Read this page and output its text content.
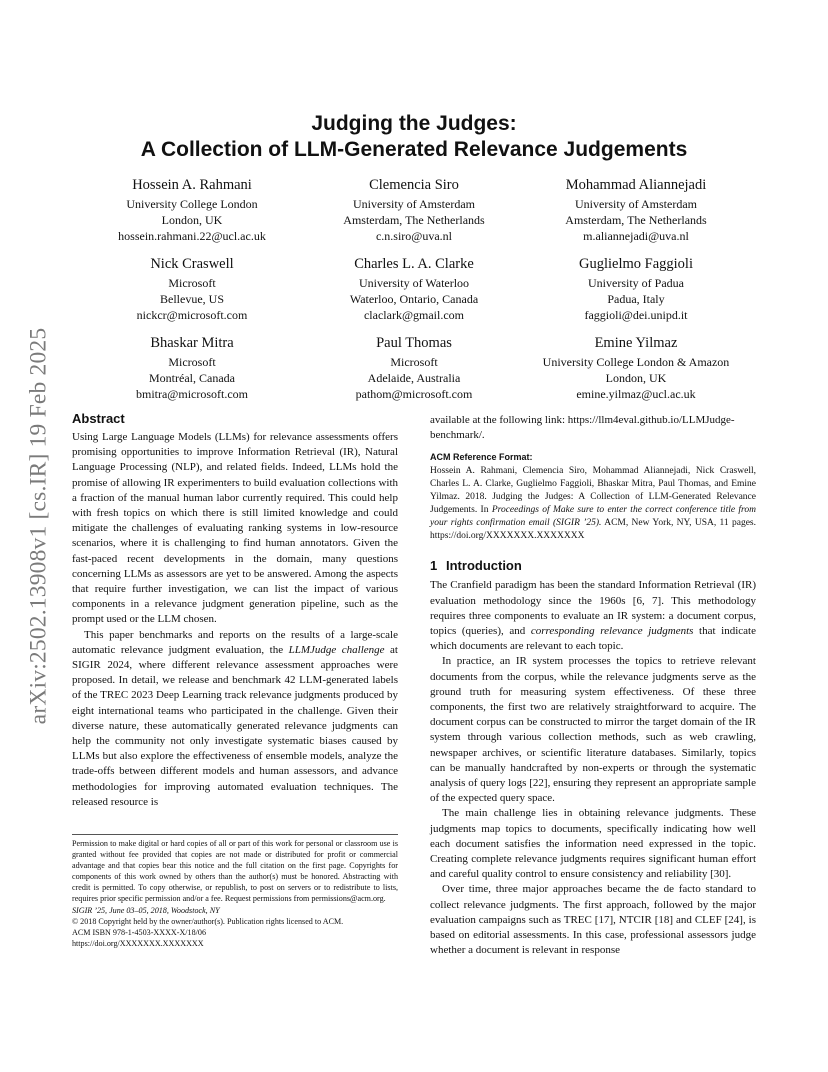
arXiv:2502.13908v1 [cs.IR] 19 Feb 2025
Judging the Judges:
A Collection of LLM-Generated Relevance Judgements
Hossein A. Rahmani
University College London
London, UK
hossein.rahmani.22@ucl.ac.uk
Clemencia Siro
University of Amsterdam
Amsterdam, The Netherlands
c.n.siro@uva.nl
Mohammad Aliannejadi
University of Amsterdam
Amsterdam, The Netherlands
m.aliannejadi@uva.nl
Nick Craswell
Microsoft
Bellevue, US
nickcr@microsoft.com
Charles L. A. Clarke
University of Waterloo
Waterloo, Ontario, Canada
claclark@gmail.com
Guglielmo Faggioli
University of Padua
Padua, Italy
faggioli@dei.unipd.it
Bhaskar Mitra
Microsoft
Montréal, Canada
bmitra@microsoft.com
Paul Thomas
Microsoft
Adelaide, Australia
pathom@microsoft.com
Emine Yilmaz
University College London & Amazon
London, UK
emine.yilmaz@ucl.ac.uk
Abstract

Using Large Language Models (LLMs) for relevance assessments offers promising opportunities to improve Information Retrieval (IR), Natural Language Processing (NLP), and related fields. Indeed, LLMs hold the promise of allowing IR experimenters to build evaluation collections with a fraction of the manual human labor currently required. This could help with fresh topics on which there is still limited knowledge and could mitigate the challenges of evaluating ranking systems in low-resource scenarios, where it is challenging to find human annotators. Given the fast-paced recent developments in the domain, many questions concerning LLMs as assessors are yet to be answered. Among the aspects that require further investigation, we can list the impact of various components in a relevance judgment generation pipeline, such as the prompt used or the LLM chosen.

This paper benchmarks and reports on the results of a large-scale automatic relevance judgment evaluation, the LLMJudge challenge at SIGIR 2024, where different relevance assessment approaches were proposed. In detail, we release and benchmark 42 LLM-generated labels of the TREC 2023 Deep Learning track relevance judgments produced by eight international teams who participated in the challenge. Given their diverse nature, these automatically generated relevance judgments can help the community not only investigate systematic biases caused by LLMs but also explore the effectiveness of ensemble models, analyze the trade-offs between different models and human assessors, and advance methodologies for improving automated evaluation techniques. The released resource is

Permission to make digital or hard copies of all or part of this work for personal or classroom use is granted without fee provided that copies are not made or distributed for profit or commercial advantage and that copies bear this notice and the full citation on the first page. Copyrights for components of this work owned by others than the author(s) must be honored. Abstracting with credit is permitted. To copy otherwise, or republish, to post on servers or to redistribute to lists, requires prior specific permission and/or a fee. Request permissions from permissions@acm.org.

SIGIR ’25, June 03–05, 2018, Woodstock, NY

© 2018 Copyright held by the owner/author(s). Publication rights licensed to ACM.

ACM ISBN 978-1-4503-XXXX-X/18/06

https://doi.org/XXXXXXX.XXXXXXX

available at the following link: https://llm4eval.github.io/LLMJudge-benchmark/.

ACM Reference Format:
Hossein A. Rahmani, Clemencia Siro, Mohammad Aliannejadi, Nick Craswell, Charles L. A. Clarke, Guglielmo Faggioli, Bhaskar Mitra, Paul Thomas, and Emine Yilmaz. 2018. Judging the Judges: A Collection of LLM-Generated Relevance Judgements. In Proceedings of Make sure to enter the correct conference title from your rights confirmation email (SIGIR ’25). ACM, New York, NY, USA, 11 pages. https://doi.org/XXXXXXX.XXXXXXX
1 Introduction

The Cranfield paradigm has been the standard Information Retrieval (IR) evaluation methodology since the 1960s [6, 7]. This methodology requires three components to evaluate an IR system: a document corpus, topics (queries), and corresponding relevance judgments that indicate which documents are relevant to each topic.

In practice, an IR system processes the topics to retrieve relevant documents from the corpus, while the relevance judgments serve as the ground truth for measuring system effectiveness. Of these three components, the first two are relatively straightforward to acquire. The document corpus can be constructed to mirror the target domain of the IR system through various collection methods, such as web crawling, newspaper archives, or scientific literature databases. Similarly, topics can be manually handcrafted by non-experts or through the systematic analysis of query logs [22], ensuring they represent an appropriate sample of the expected query space.

The main challenge lies in obtaining relevance judgments. These judgments map topics to documents, specifically indicating how well each document satisfies the information need expressed in the topic. Creating complete relevance judgments requires significant human effort and careful quality control to ensure consistency and reliability [30].

Over time, three major approaches became the de facto standard to collect relevance judgments. The first approach, followed by the major evaluation campaigns such as TREC [17], NTCIR [18] and CLEF [24], is based on editorial assessments. In this case, professional assessors judge whether a document is relevant in response
